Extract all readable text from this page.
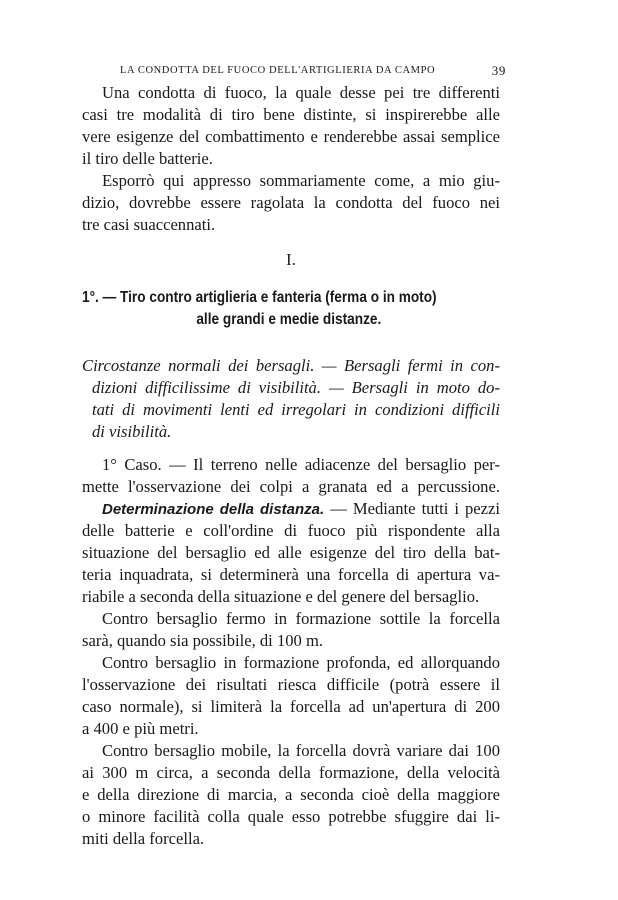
LA CONDOTTA DEL FUOCO DELL'ARTIGLIERIA DA CAMPO	39
Una condotta di fuoco, la quale desse pei tre differenti
casi tre modalità di tiro bene distinte, si inspirerebbe alle
vere esigenze del combattimento e renderebbe assai semplice
il tiro delle batterie.
Esporrò qui appresso sommariamente come, a mio giu-
dizio, dovrebbe essere ragolata la condotta del fuoco nei
tre casi suaccennati.
I.
1°. — Tiro contro artiglieria e fanteria (ferma o in moto)
alle grandi e medie distanze.
Circostanze normali dei bersagli. — Bersagli fermi in con-
dizioni difficilissime di visibilità. — Bersagli in moto do-
tati di movimenti lenti ed irregolari in condizioni difficili
di visibilità.
1° Caso. — Il terreno nelle adiacenze del bersaglio per-
mette l'osservazione dei colpi a granata ed a percussione.
Determinazione della distanza. — Mediante tutti i pezzi
delle batterie e coll'ordine di fuoco più rispondente alla
situazione del bersaglio ed alle esigenze del tiro della bat-
teria inquadrata, si determinerà una forcella di apertura va-
riabile a seconda della situazione e del genere del bersaglio.
Contro bersaglio fermo in formazione sottile la forcella
sarà, quando sia possibile, di 100 m.
Contro bersaglio in formazione profonda, ed allorquando
l'osservazione dei risultati riesca difficile (potrà essere il
caso normale), si limiterà la forcella ad un'apertura di 200
a 400 e più metri.
Contro bersaglio mobile, la forcella dovrà variare dai 100
ai 300 m circa, a seconda della formazione, della velocità
e della direzione di marcia, a seconda cioè della maggiore
o minore facilità colla quale esso potrebbe sfuggire dai li-
miti della forcella.
